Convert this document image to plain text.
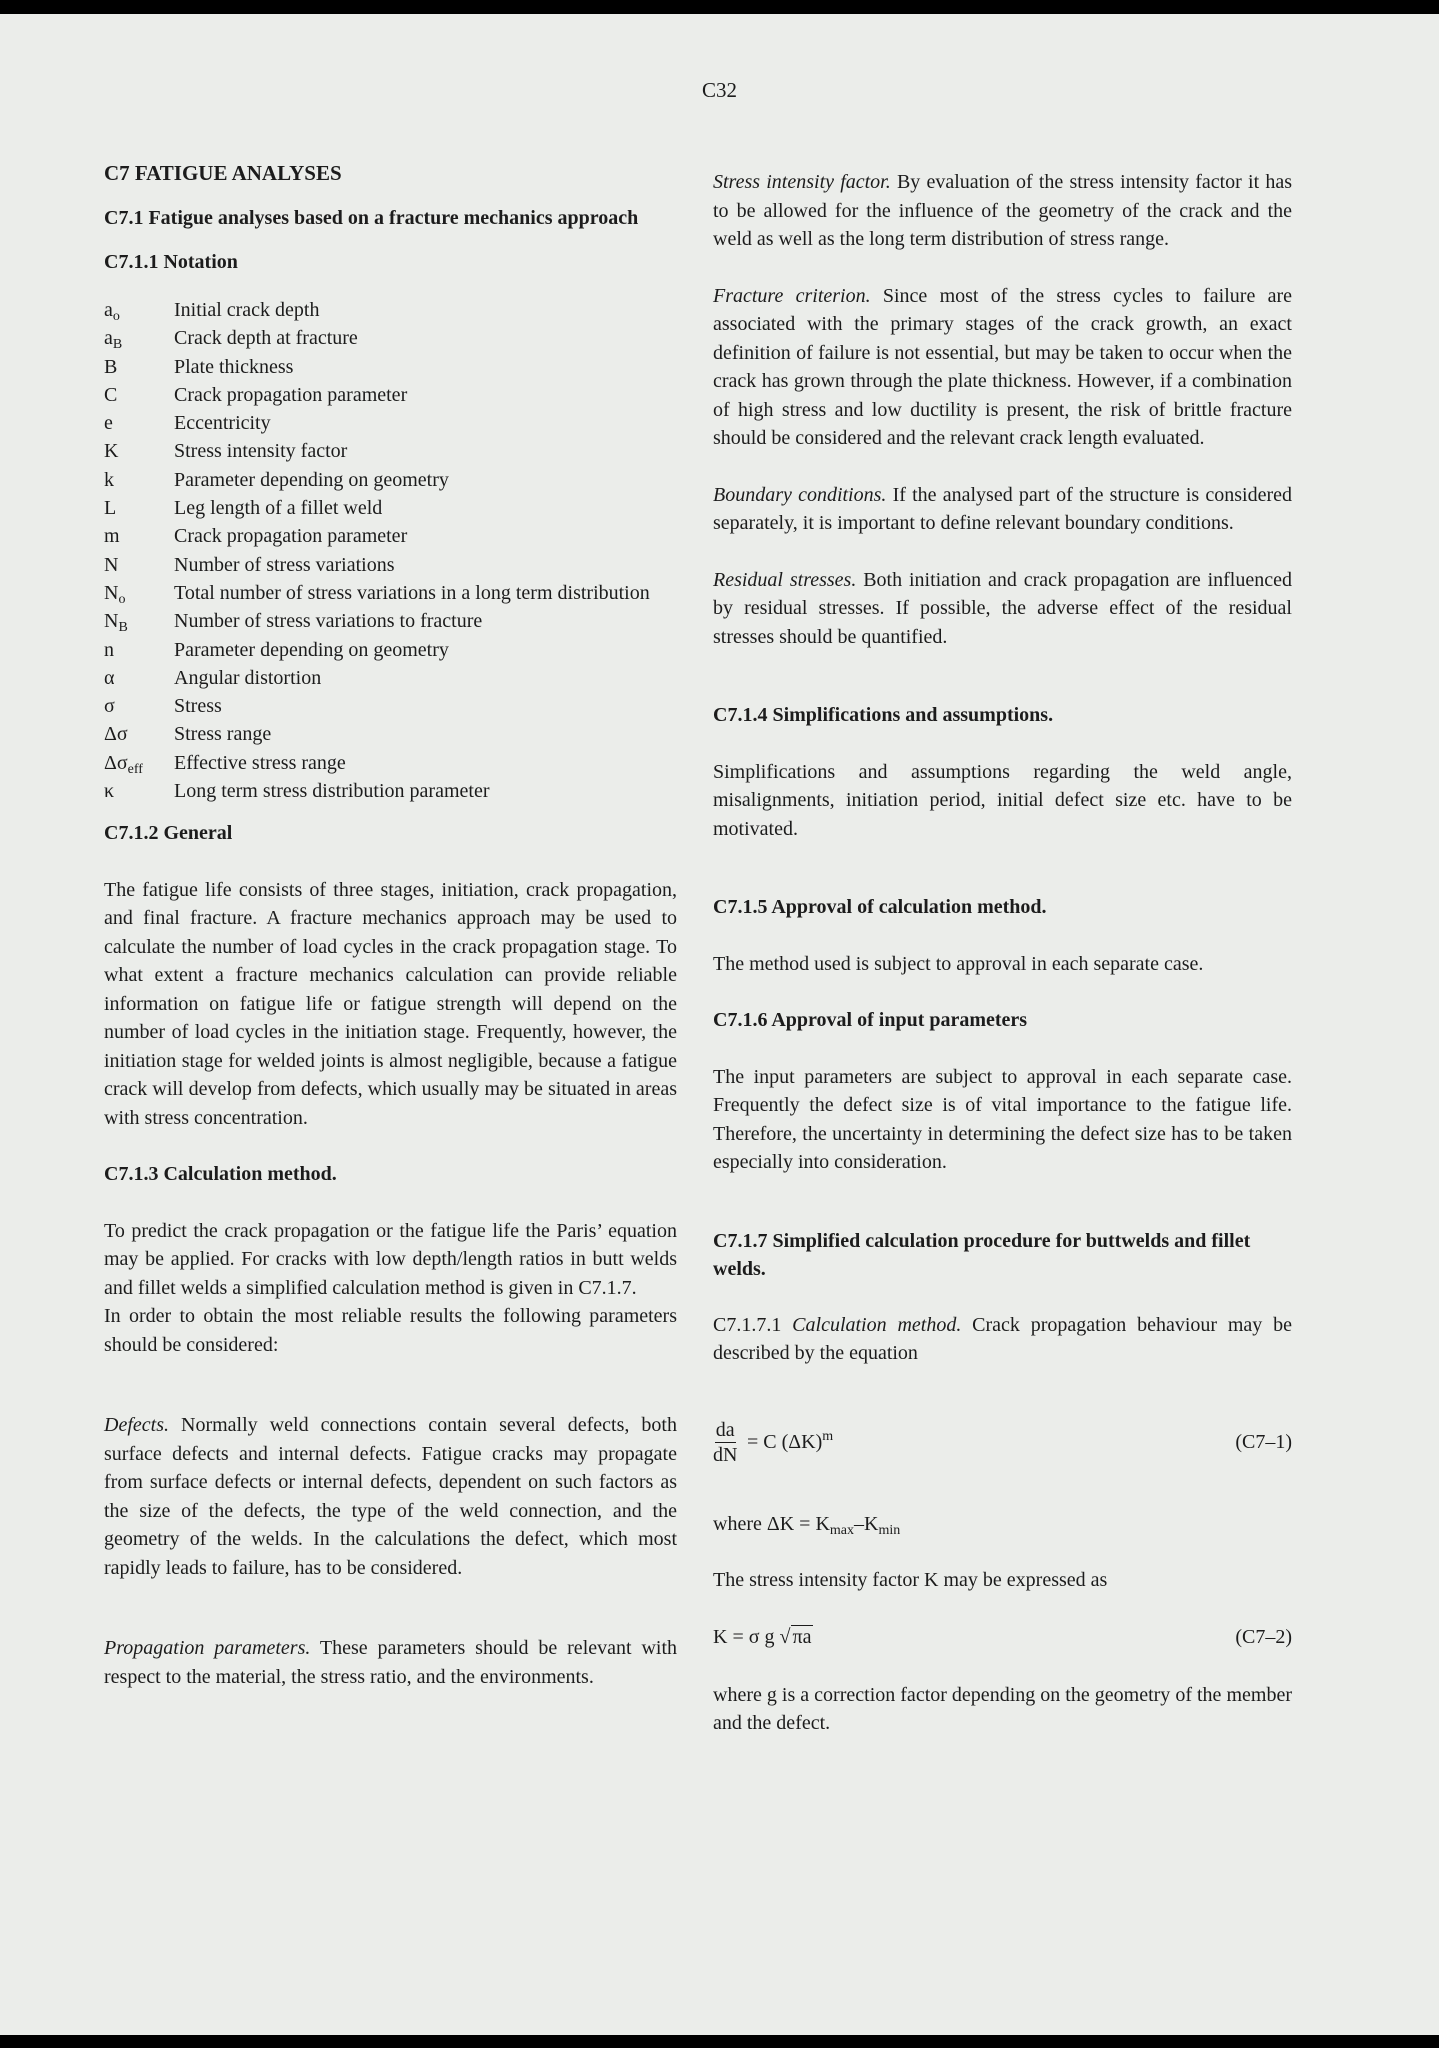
C32
C7 FATIGUE ANALYSES
C7.1 Fatigue analyses based on a fracture mechanics approach
C7.1.1 Notation
$a_o$	Initial crack depth
$a_B$	Crack depth at fracture
B	Plate thickness
C	Crack propagation parameter
e	Eccentricity
K	Stress intensity factor
k	Parameter depending on geometry
L	Leg length of a fillet weld
m	Crack propagation parameter
N	Number of stress variations
$N_o$	Total number of stress variations in a long term distribution
$N_B$	Number of stress variations to fracture
n	Parameter depending on geometry
α	Angular distortion
σ	Stress
Δσ	Stress range
$\Delta\sigma_{eff}$	Effective stress range
κ	Long term stress distribution parameter
C7.1.2 General

The fatigue life consists of three stages, initiation, crack propagation, and final fracture. A fracture mechanics approach may be used to calculate the number of load cycles in the crack propagation stage. To what extent a fracture mechanics calculation can provide reliable information on fatigue life or fatigue strength will depend on the number of load cycles in the initiation stage. Frequently, however, the initiation stage for welded joints is almost negligible, because a fatigue crack will develop from defects, which usually may be situated in areas with stress concentration.

C7.1.3 Calculation method.

To predict the crack propagation or the fatigue life the Paris’ equation may be applied. For cracks with low depth/length ratios in butt welds and fillet welds a simplified calculation method is given in C7.1.7.

In order to obtain the most reliable results the following parameters should be considered:

Defects. Normally weld connections contain several defects, both surface defects and internal defects. Fatigue cracks may propagate from surface defects or internal defects, dependent on such factors as the size of the defects, the type of the weld connection, and the geometry of the welds. In the calculations the defect, which most rapidly leads to failure, has to be considered.

Propagation parameters. These parameters should be relevant with respect to the material, the stress ratio, and the environments.

Stress intensity factor. By evaluation of the stress intensity factor it has to be allowed for the influence of the geometry of the crack and the weld as well as the long term distribution of stress range.

Fracture criterion. Since most of the stress cycles to failure are associated with the primary stages of the crack growth, an exact definition of failure is not essential, but may be taken to occur when the crack has grown through the plate thickness. However, if a combination of high stress and low ductility is present, the risk of brittle fracture should be considered and the relevant crack length evaluated.

Boundary conditions. If the analysed part of the structure is considered separately, it is important to define relevant boundary conditions.

Residual stresses. Both initiation and crack propagation are influenced by residual stresses. If possible, the adverse effect of the residual stresses should be quantified.

C7.1.4 Simplifications and assumptions.

Simplifications and assumptions regarding the weld angle, misalignments, initiation period, initial defect size etc. have to be motivated.

C7.1.5 Approval of calculation method.

The method used is subject to approval in each separate case.

C7.1.6 Approval of input parameters

The input parameters are subject to approval in each separate case. Frequently the defect size is of vital importance to the fatigue life. Therefore, the uncertainty in determining the defect size has to be taken especially into consideration.

C7.1.7 Simplified calculation procedure for buttwelds and fillet welds.

C7.1.7.1 Calculation method. Crack propagation behaviour may be described by the equation

$\frac{da}{dN} = C$ $(\Delta K)^m$	(C7–1)

where $\Delta K = K_{max}-K_{min}$

The stress intensity factor K may be expressed as

K = σ g √ πa	(C7–2)

where g is a correction factor depending on the geometry of the member and the defect.
